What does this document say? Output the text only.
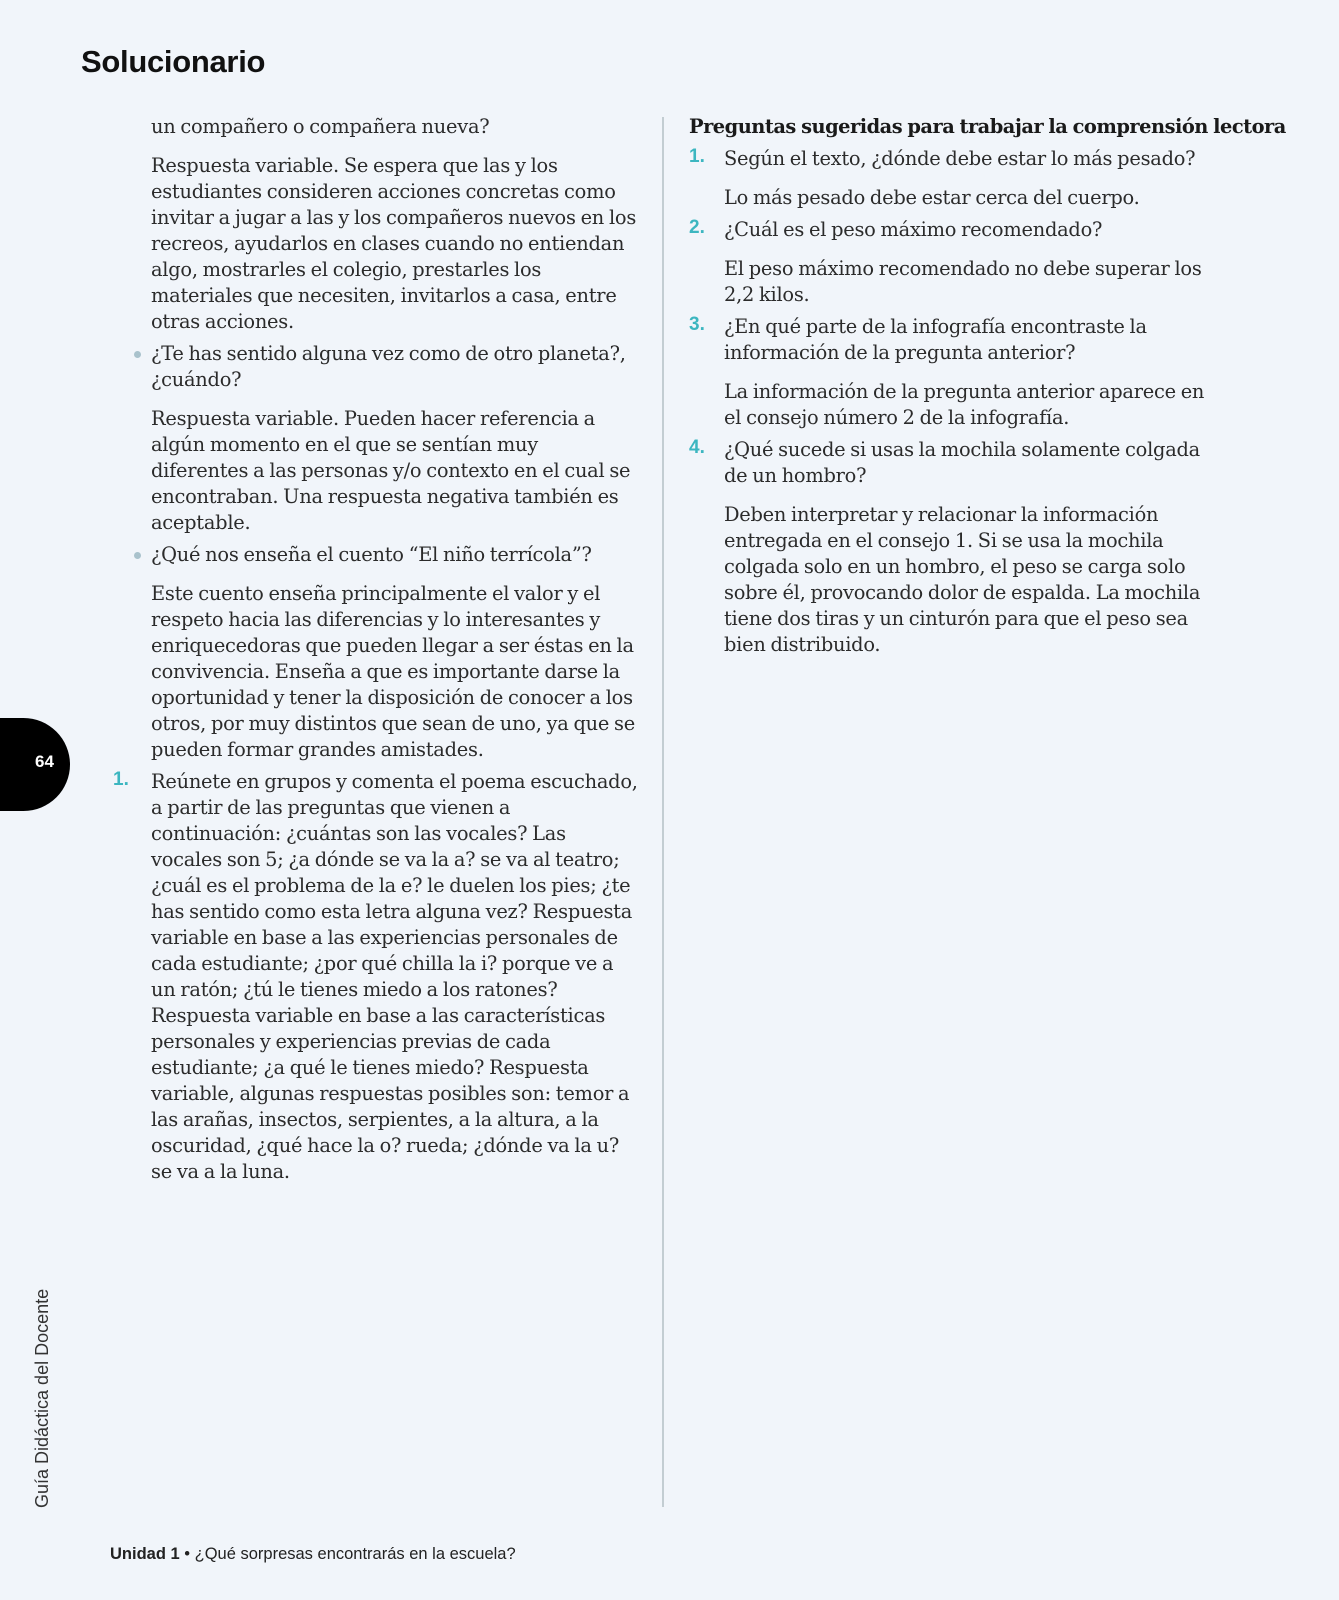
Solucionario

un compañero o compañera nueva?

Respuesta variable. Se espera que las y los estudiantes consideren acciones concretas como invitar a jugar a las y los compañeros nuevos en los recreos, ayudarlos en clases cuando no entiendan algo, mostrarles el colegio, prestarles los materiales que necesiten, invitarlos a casa, entre otras acciones.

¿Te has sentido alguna vez como de otro planeta?, ¿cuándo?

Respuesta variable. Pueden hacer referencia a algún momento en el que se sentían muy diferentes a las personas y/o contexto en el cual se encontraban. Una respuesta negativa también es aceptable.

¿Qué nos enseña el cuento “El niño terrícola”?

Este cuento enseña principalmente el valor y el respeto hacia las diferencias y lo interesantes y enriquecedoras que pueden llegar a ser éstas en la convivencia. Enseña a que es importante darse la oportunidad y tener la disposición de conocer a los otros, por muy distintos que sean de uno, ya que se pueden formar grandes amistades.

1. Reúnete en grupos y comenta el poema escuchado, a partir de las preguntas que vienen a continuación: ¿cuántas son las vocales? Las vocales son 5; ¿a dónde se va la a? se va al teatro; ¿cuál es el problema de la e? le duelen los pies; ¿te has sentido como esta letra alguna vez? Respuesta variable en base a las experiencias personales de cada estudiante; ¿por qué chilla la i? porque ve a un ratón; ¿tú le tienes miedo a los ratones? Respuesta variable en base a las características personales y experiencias previas de cada estudiante; ¿a qué le tienes miedo? Respuesta variable, algunas respuestas posibles son: temor a las arañas, insectos, serpientes, a la altura, a la oscuridad, ¿qué hace la o? rueda; ¿dónde va la u? se va a la luna.

Preguntas sugeridas para trabajar la comprensión lectora

1. Según el texto, ¿dónde debe estar lo más pesado?

Lo más pesado debe estar cerca del cuerpo.

2. ¿Cuál es el peso máximo recomendado?

El peso máximo recomendado no debe superar los 2,2 kilos.

3. ¿En qué parte de la infografía encontraste la información de la pregunta anterior?

La información de la pregunta anterior aparece en el consejo número 2 de la infografía.

4. ¿Qué sucede si usas la mochila solamente colgada de un hombro?

Deben interpretar y relacionar la información entregada en el consejo 1. Si se usa la mochila colgada solo en un hombro, el peso se carga solo sobre él, provocando dolor de espalda. La mochila tiene dos tiras y un cinturón para que el peso sea bien distribuido.

64
Guía Didáctica del Docente
Unidad 1 • ¿Qué sorpresas encontrarás en la escuela?
